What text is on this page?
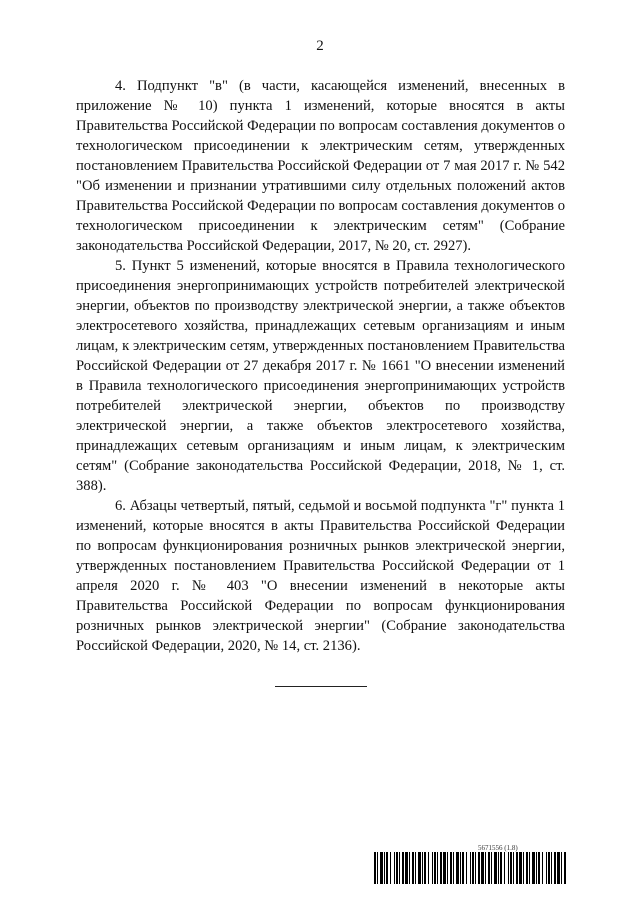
2

4. Подпункт "в" (в части, касающейся изменений, внесенных в приложение № 10) пункта 1 изменений, которые вносятся в акты Правительства Российской Федерации по вопросам составления документов о технологическом присоединении к электрическим сетям, утвержденных постановлением Правительства Российской Федерации от 7 мая 2017 г. № 542 "Об изменении и признании утратившими силу отдельных положений актов Правительства Российской Федерации по вопросам составления документов о технологическом присоединении к электрическим сетям" (Собрание законодательства Российской Федерации, 2017, № 20, ст. 2927).

5. Пункт 5 изменений, которые вносятся в Правила технологического присоединения энергопринимающих устройств потребителей электрической энергии, объектов по производству электрической энергии, а также объектов электросетевого хозяйства, принадлежащих сетевым организациям и иным лицам, к электрическим сетям, утвержденных постановлением Правительства Российской Федерации от 27 декабря 2017 г. № 1661 "О внесении изменений в Правила технологического присоединения энергопринимающих устройств потребителей электрической энергии, объектов по производству электрической энергии, а также объектов электросетевого хозяйства, принадлежащих сетевым организациям и иным лицам, к электрическим сетям" (Собрание законодательства Российской Федерации, 2018, № 1, ст. 388).

6. Абзацы четвертый, пятый, седьмой и восьмой подпункта "г" пункта 1 изменений, которые вносятся в акты Правительства Российской Федерации по вопросам функционирования розничных рынков электрической энергии, утвержденных постановлением Правительства Российской Федерации от 1 апреля 2020 г. № 403 "О внесении изменений в некоторые акты Правительства Российской Федерации по вопросам функционирования розничных рынков электрической энергии" (Собрание законодательства Российской Федерации, 2020, № 14, ст. 2136).

5671556 (1.8)
